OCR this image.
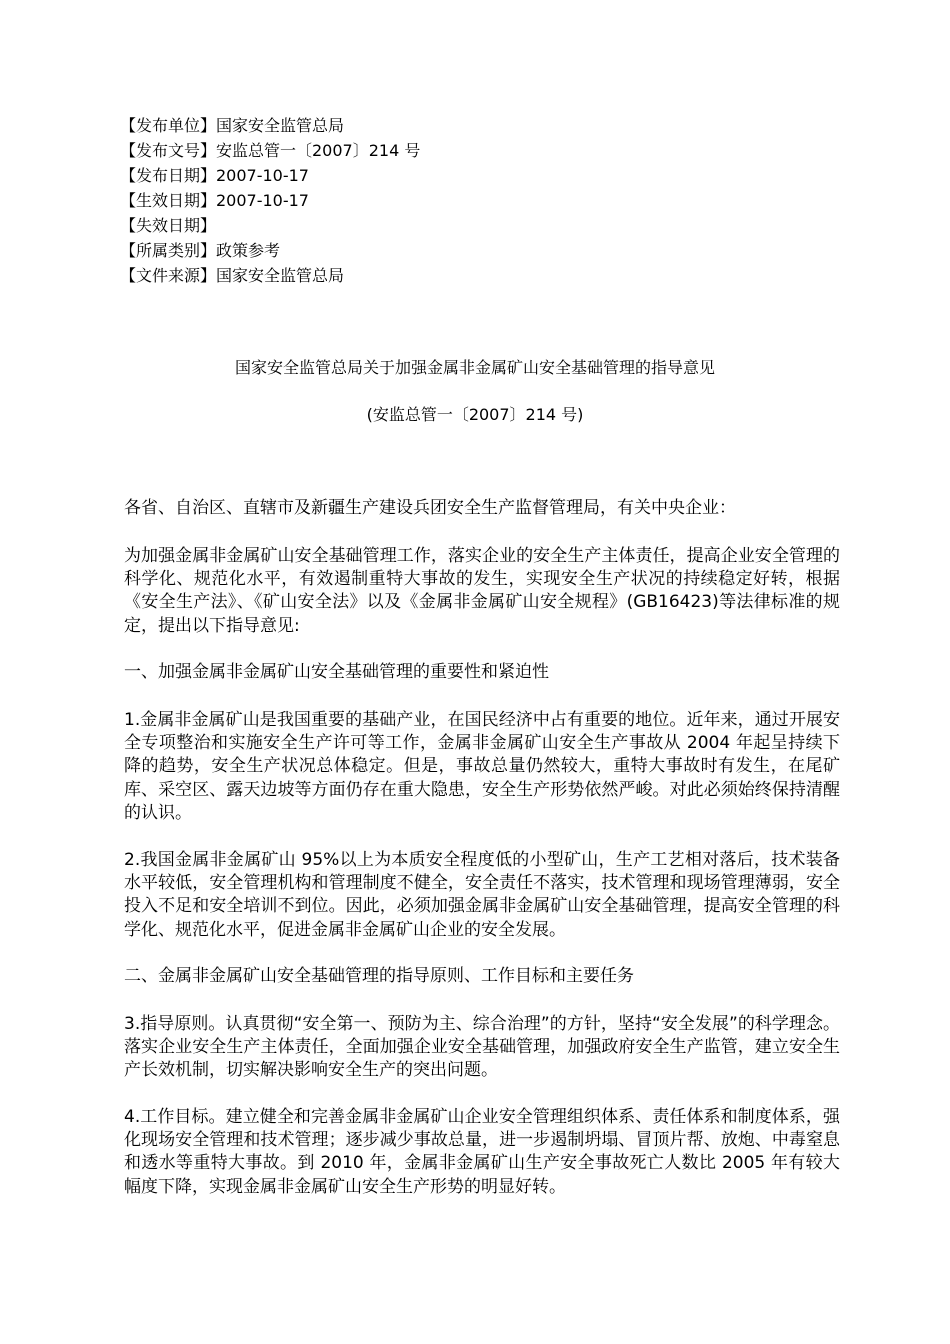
【发布单位】国家安全监管总局
【发布文号】安监总管一〔2007〕214 号
【发布日期】2007-10-17
【生效日期】2007-10-17
【失效日期】
【所属类别】政策参考
【文件来源】国家安全监管总局
国家安全监管总局关于加强金属非金属矿山安全基础管理的指导意见
(安监总管一〔2007〕214 号)
各省、自治区、直辖市及新疆生产建设兵团安全生产监督管理局，有关中央企业：
为加强金属非金属矿山安全基础管理工作，落实企业的安全生产主体责任，提高企业安全管理的科学化、规范化水平，有效遏制重特大事故的发生，实现安全生产状况的持续稳定好转，根据《安全生产法》、《矿山安全法》以及《金属非金属矿山安全规程》(GB16423)等法律标准的规定，提出以下指导意见:
一、加强金属非金属矿山安全基础管理的重要性和紧迫性
1.金属非金属矿山是我国重要的基础产业，在国民经济中占有重要的地位。近年来，通过开展安全专项整治和实施安全生产许可等工作，金属非金属矿山安全生产事故从 2004 年起呈持续下降的趋势，安全生产状况总体稳定。但是，事故总量仍然较大，重特大事故时有发生，在尾矿库、采空区、露天边坡等方面仍存在重大隐患，安全生产形势依然严峻。对此必须始终保持清醒的认识。
2.我国金属非金属矿山 95%以上为本质安全程度低的小型矿山，生产工艺相对落后，技术装备水平较低，安全管理机构和管理制度不健全，安全责任不落实，技术管理和现场管理薄弱，安全投入不足和安全培训不到位。因此，必须加强金属非金属矿山安全基础管理，提高安全管理的科学化、规范化水平，促进金属非金属矿山企业的安全发展。
二、金属非金属矿山安全基础管理的指导原则、工作目标和主要任务
3.指导原则。认真贯彻“安全第一、预防为主、综合治理”的方针，坚持“安全发展”的科学理念。落实企业安全生产主体责任，全面加强企业安全基础管理，加强政府安全生产监管，建立安全生产长效机制，切实解决影响安全生产的突出问题。
4.工作目标。建立健全和完善金属非金属矿山企业安全管理组织体系、责任体系和制度体系，强化现场安全管理和技术管理；逐步减少事故总量，进一步遏制坍塌、冒顶片帮、放炮、中毒窒息和透水等重特大事故。到 2010 年，金属非金属矿山生产安全事故死亡人数比 2005 年有较大幅度下降，实现金属非金属矿山安全生产形势的明显好转。
